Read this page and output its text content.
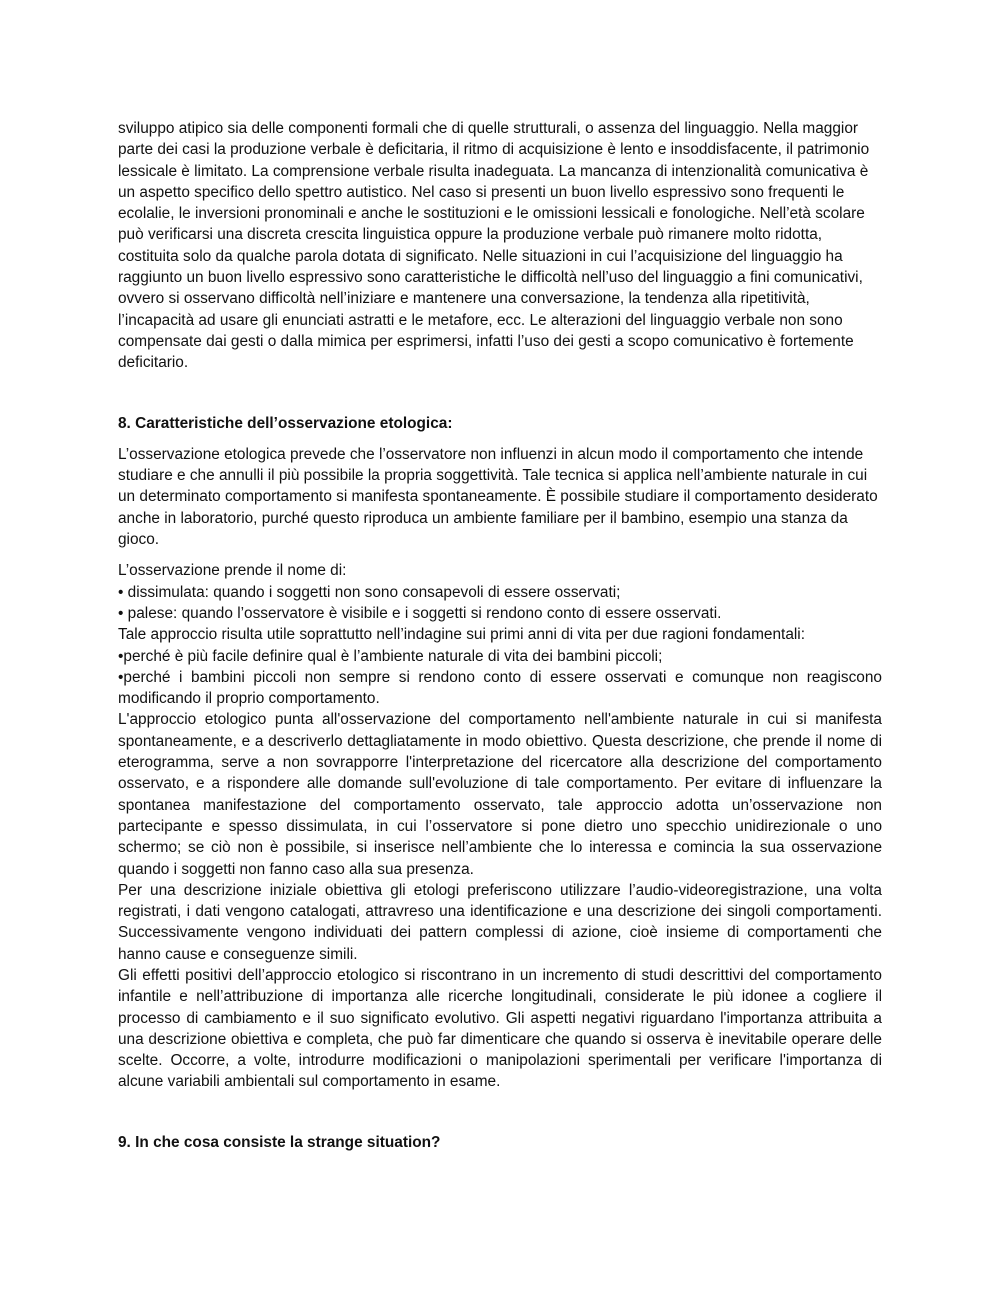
sviluppo atipico sia delle componenti formali che di quelle strutturali, o assenza del linguaggio. Nella maggior parte dei casi la produzione verbale è deficitaria, il ritmo di acquisizione è lento e insoddisfacente, il patrimonio lessicale è limitato. La comprensione verbale risulta inadeguata. La mancanza di intenzionalità comunicativa è un aspetto specifico dello spettro autistico. Nel caso si presenti un buon livello espressivo sono frequenti le ecolalie, le inversioni pronominali e anche le sostituzioni e le omissioni lessicali e fonologiche. Nell’età scolare può verificarsi una discreta crescita linguistica oppure la produzione verbale può rimanere molto ridotta, costituita solo da qualche parola dotata di significato. Nelle situazioni in cui l’acquisizione del linguaggio ha raggiunto un buon livello espressivo sono caratteristiche le difficoltà nell’uso del linguaggio a fini comunicativi, ovvero si osservano difficoltà nell’iniziare e mantenere una conversazione, la tendenza alla ripetitività, l’incapacità ad usare gli enunciati astratti e le metafore, ecc. Le alterazioni del linguaggio verbale non sono compensate dai gesti o dalla mimica per esprimersi, infatti l’uso dei gesti a scopo comunicativo è fortemente deficitario.

8. Caratteristiche dell’osservazione etologica:

L’osservazione etologica prevede che l’osservatore non influenzi in alcun modo il comportamento che intende studiare e che annulli il più possibile la propria soggettività. Tale tecnica si applica nell’ambiente naturale in cui un determinato comportamento si manifesta spontaneamente. È possibile studiare il comportamento desiderato anche in laboratorio, purché questo riproduca un ambiente familiare per il bambino, esempio una stanza da gioco.

L’osservazione prende il nome di:

• dissimulata: quando i soggetti non sono consapevoli di essere osservati;

• palese: quando l’osservatore è visibile e i soggetti si rendono conto di essere osservati.

Tale approccio risulta utile soprattutto nell’indagine sui primi anni di vita per due ragioni fondamentali:

•perché è più facile definire qual è l’ambiente naturale di vita dei bambini piccoli;

•perché i bambini piccoli non sempre si rendono conto di essere osservati e comunque non reagiscono modificando il proprio comportamento.

L'approccio etologico punta all'osservazione del comportamento nell'ambiente naturale in cui si manifesta spontaneamente, e a descriverlo dettagliatamente in modo obiettivo. Questa descrizione, che prende il nome di eterogramma, serve a non sovrapporre l'interpretazione del ricercatore alla descrizione del comportamento osservato, e a rispondere alle domande sull'evoluzione di tale comportamento. Per evitare di influenzare la spontanea manifestazione del comportamento osservato, tale approccio adotta un’osservazione non partecipante e spesso dissimulata, in cui l’osservatore si pone dietro uno specchio unidirezionale o uno schermo; se ciò non è possibile, si inserisce nell’ambiente che lo interessa e comincia la sua osservazione quando i soggetti non fanno caso alla sua presenza.

Per una descrizione iniziale obiettiva gli etologi preferiscono utilizzare l’audio-videoregistrazione, una volta registrati, i dati vengono catalogati, attravreso una identificazione e una descrizione dei singoli comportamenti. Successivamente vengono individuati dei pattern complessi di azione, cioè insieme di comportamenti che hanno cause e conseguenze simili.

Gli effetti positivi dell’approccio etologico si riscontrano in un incremento di studi descrittivi del comportamento infantile e nell’attribuzione di importanza alle ricerche longitudinali, considerate le più idonee a cogliere il processo di cambiamento e il suo significato evolutivo. Gli aspetti negativi riguardano l'importanza attribuita a una descrizione obiettiva e completa, che può far dimenticare che quando si osserva è inevitabile operare delle scelte. Occorre, a volte, introdurre modificazioni o manipolazioni sperimentali per verificare l'importanza di alcune variabili ambientali sul comportamento in esame.

9. In che cosa consiste la strange situation?
